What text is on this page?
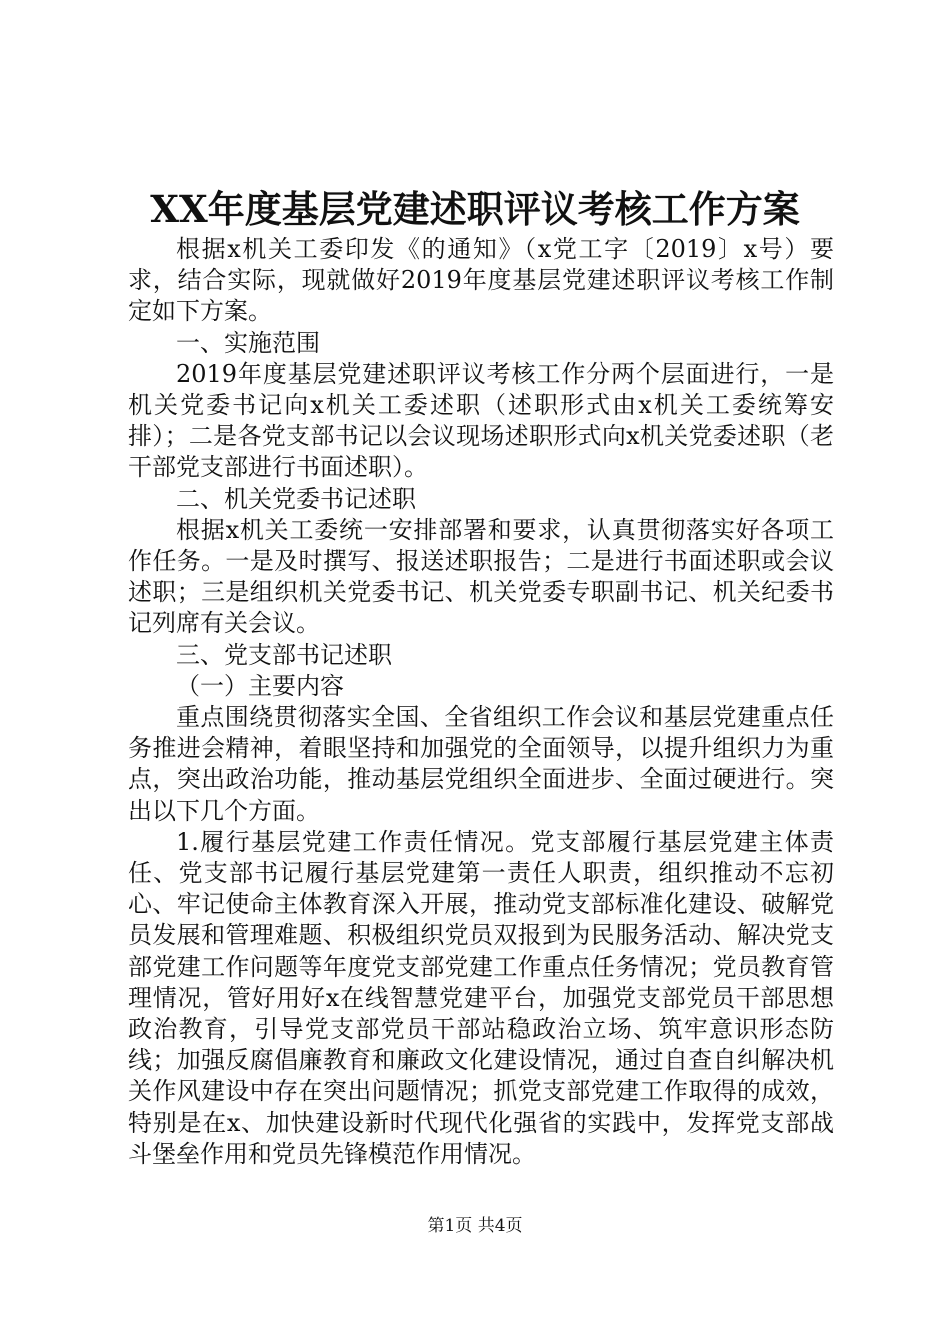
XX年度基层党建述职评议考核工作方案

根据x机关工委印发《的通知》（x党工字〔2019〕x号）要求，结合实际，现就做好2019年度基层党建述职评议考核工作制定如下方案。

一、实施范围

2019年度基层党建述职评议考核工作分两个层面进行，一是机关党委书记向x机关工委述职（述职形式由x机关工委统筹安排）；二是各党支部书记以会议现场述职形式向x机关党委述职（老干部党支部进行书面述职）。

二、机关党委书记述职

根据x机关工委统一安排部署和要求，认真贯彻落实好各项工作任务。一是及时撰写、报送述职报告；二是进行书面述职或会议述职；三是组织机关党委书记、机关党委专职副书记、机关纪委书记列席有关会议。

三、党支部书记述职

（一）主要内容

重点围绕贯彻落实全国、全省组织工作会议和基层党建重点任务推进会精神，着眼坚持和加强党的全面领导，以提升组织力为重点，突出政治功能，推动基层党组织全面进步、全面过硬进行。突出以下几个方面。

1.履行基层党建工作责任情况。党支部履行基层党建主体责任、党支部书记履行基层党建第一责任人职责，组织推动不忘初心、牢记使命主体教育深入开展，推动党支部标准化建设、破解党员发展和管理难题、积极组织党员双报到为民服务活动、解决党支部党建工作问题等年度党支部党建工作重点任务情况；党员教育管理情况，管好用好x在线智慧党建平台，加强党支部党员干部思想政治教育，引导党支部党员干部站稳政治立场、筑牢意识形态防线；加强反腐倡廉教育和廉政文化建设情况，通过自查自纠解决机关作风建设中存在突出问题情况；抓党支部党建工作取得的成效，特别是在x、加快建设新时代现代化强省的实践中，发挥党支部战斗堡垒作用和党员先锋模范作用情况。

第1页 共4页
